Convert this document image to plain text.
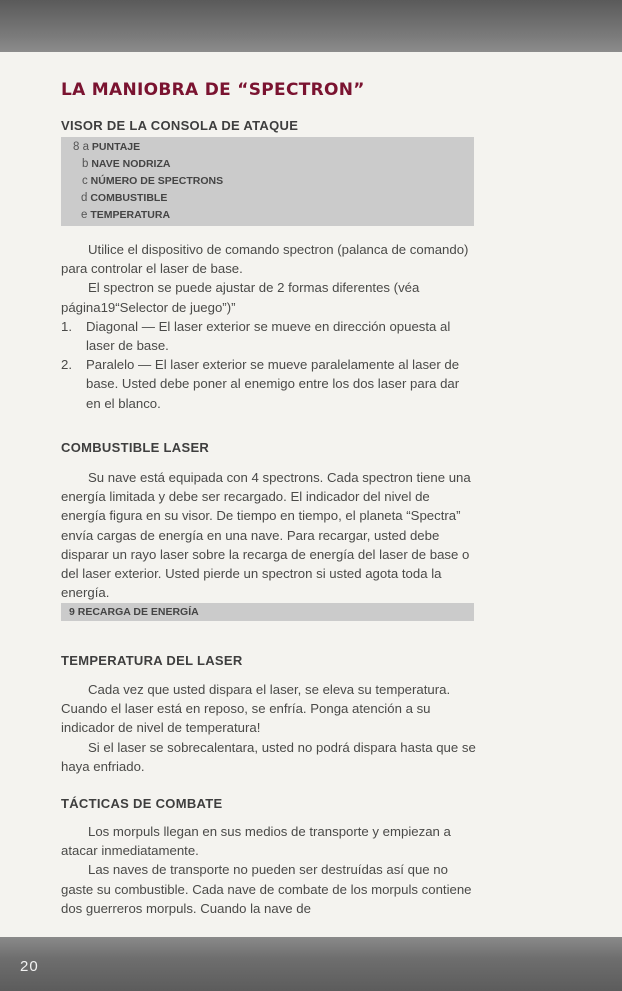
LA MANIOBRA DE “SPECTRON”
VISOR DE LA CONSOLA DE ATAQUE
8 a PUNTAJE
b NAVE NODRIZA
c NÚMERO DE SPECTRONS
d COMBUSTIBLE
e TEMPERATURA

Utilice el dispositivo de comando spectron (palanca de comando) para controlar el laser de base.

El spectron se puede ajustar de 2 formas diferentes (véa página19“Selector de juego”)”

1.	Diagonal — El laser exterior se mueve en dirección opuesta al laser de base.
2.	Paralelo — El laser exterior se mueve paralelamente al laser de base. Usted debe poner al enemigo entre los dos laser para dar en el blanco.
COMBUSTIBLE LASER

Su nave está equipada con 4 spectrons. Cada spectron tiene una energía limitada y debe ser recargado. El indicador del nivel de energía figura en su visor. De tiempo en tiempo, el planeta “Spectra” envía cargas de energía en una nave. Para recargar, usted debe disparar un rayo laser sobre la recarga de energía del laser de base o del laser exterior. Usted pierde un spectron si usted agota toda la energía.

9 RECARGA DE ENERGÍA
TEMPERATURA DEL LASER

Cada vez que usted dispara el laser, se eleva su temperatura. Cuando el laser está en reposo, se enfría. Ponga atención a su indicador de nivel de temperatura!

Si el laser se sobrecalentara, usted no podrá dispara hasta que se haya enfriado.

TÁCTICAS DE COMBATE

Los morpuls llegan en sus medios de transporte y empiezan a atacar inmediatamente.

Las naves de transporte no pueden ser destruídas así que no gaste su combustible. Cada nave de combate de los morpuls contiene dos guerreros morpuls. Cuando la nave de

20
